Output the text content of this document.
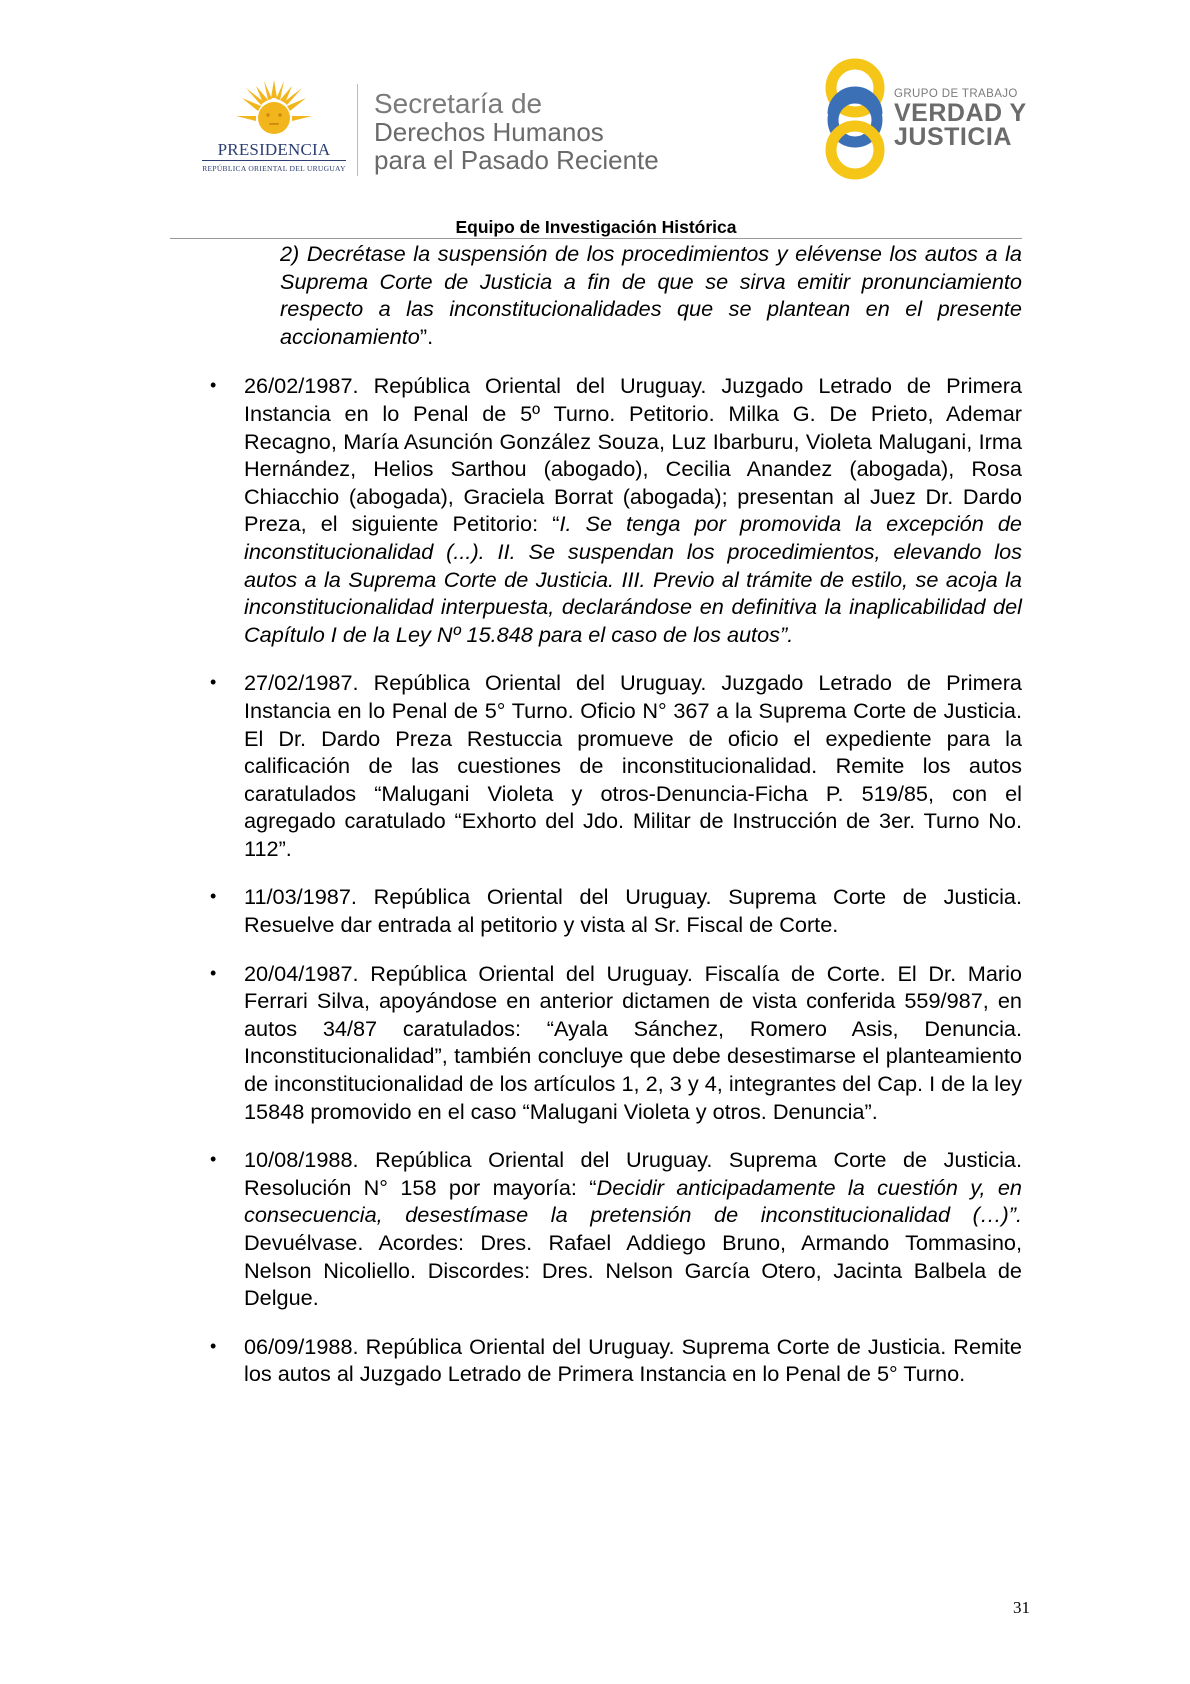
PRESIDENCIA
REPÚBLICA ORIENTAL DEL URUGUAY
Secretaría de
Derechos Humanos
para el Pasado Reciente
GRUPO DE TRABAJO
VERDAD Y
JUSTICIA
Equipo de Investigación Histórica

2) Decrétase la suspensión de los procedimientos y elévense los autos a la Suprema Corte de Justicia a fin de que se sirva emitir pronunciamiento respecto a las inconstitucionalidades que se plantean en el presente accionamiento”.

• 26/02/1987. República Oriental del Uruguay. Juzgado Letrado de Primera Instancia en lo Penal de 5º Turno. Petitorio. Milka G. De Prieto, Ademar Recagno, María Asunción González Souza, Luz Ibarburu, Violeta Malugani, Irma Hernández, Helios Sarthou (abogado), Cecilia Anandez (abogada), Rosa Chiacchio (abogada), Graciela Borrat (abogada); presentan al Juez Dr. Dardo Preza, el siguiente Petitorio: “I. Se tenga por promovida la excepción de inconstitucionalidad (...). II. Se suspendan los procedimientos, elevando los autos a la Suprema Corte de Justicia. III. Previo al trámite de estilo, se acoja la inconstitucionalidad interpuesta, declarándose en definitiva la inaplicabilidad del Capítulo I de la Ley Nº 15.848 para el caso de los autos”.
• 27/02/1987. República Oriental del Uruguay. Juzgado Letrado de Primera Instancia en lo Penal de 5° Turno. Oficio N° 367 a la Suprema Corte de Justicia. El Dr. Dardo Preza Restuccia promueve de oficio el expediente para la calificación de las cuestiones de inconstitucionalidad. Remite los autos caratulados “Malugani Violeta y otros-Denuncia-Ficha P. 519/85, con el agregado caratulado “Exhorto del Jdo. Militar de Instrucción de 3er. Turno No. 112”.
• 11/03/1987. República Oriental del Uruguay. Suprema Corte de Justicia. Resuelve dar entrada al petitorio y vista al Sr. Fiscal de Corte.
• 20/04/1987. República Oriental del Uruguay. Fiscalía de Corte. El Dr. Mario Ferrari Silva, apoyándose en anterior dictamen de vista conferida 559/987, en autos 34/87 caratulados: “Ayala Sánchez, Romero Asis, Denuncia. Inconstitucionalidad”, también concluye que debe desestimarse el planteamiento de inconstitucionalidad de los artículos 1, 2, 3 y 4, integrantes del Cap. I de la ley 15848 promovido en el caso “Malugani Violeta y otros. Denuncia”.
• 10/08/1988. República Oriental del Uruguay. Suprema Corte de Justicia. Resolución N° 158 por mayoría: “Decidir anticipadamente la cuestión y, en consecuencia, desestímase la pretensión de inconstitucionalidad (…)”. Devuélvase. Acordes: Dres. Rafael Addiego Bruno, Armando Tommasino, Nelson Nicoliello. Discordes: Dres. Nelson García Otero, Jacinta Balbela de Delgue.
• 06/09/1988. República Oriental del Uruguay. Suprema Corte de Justicia. Remite los autos al Juzgado Letrado de Primera Instancia en lo Penal de 5° Turno.
31
